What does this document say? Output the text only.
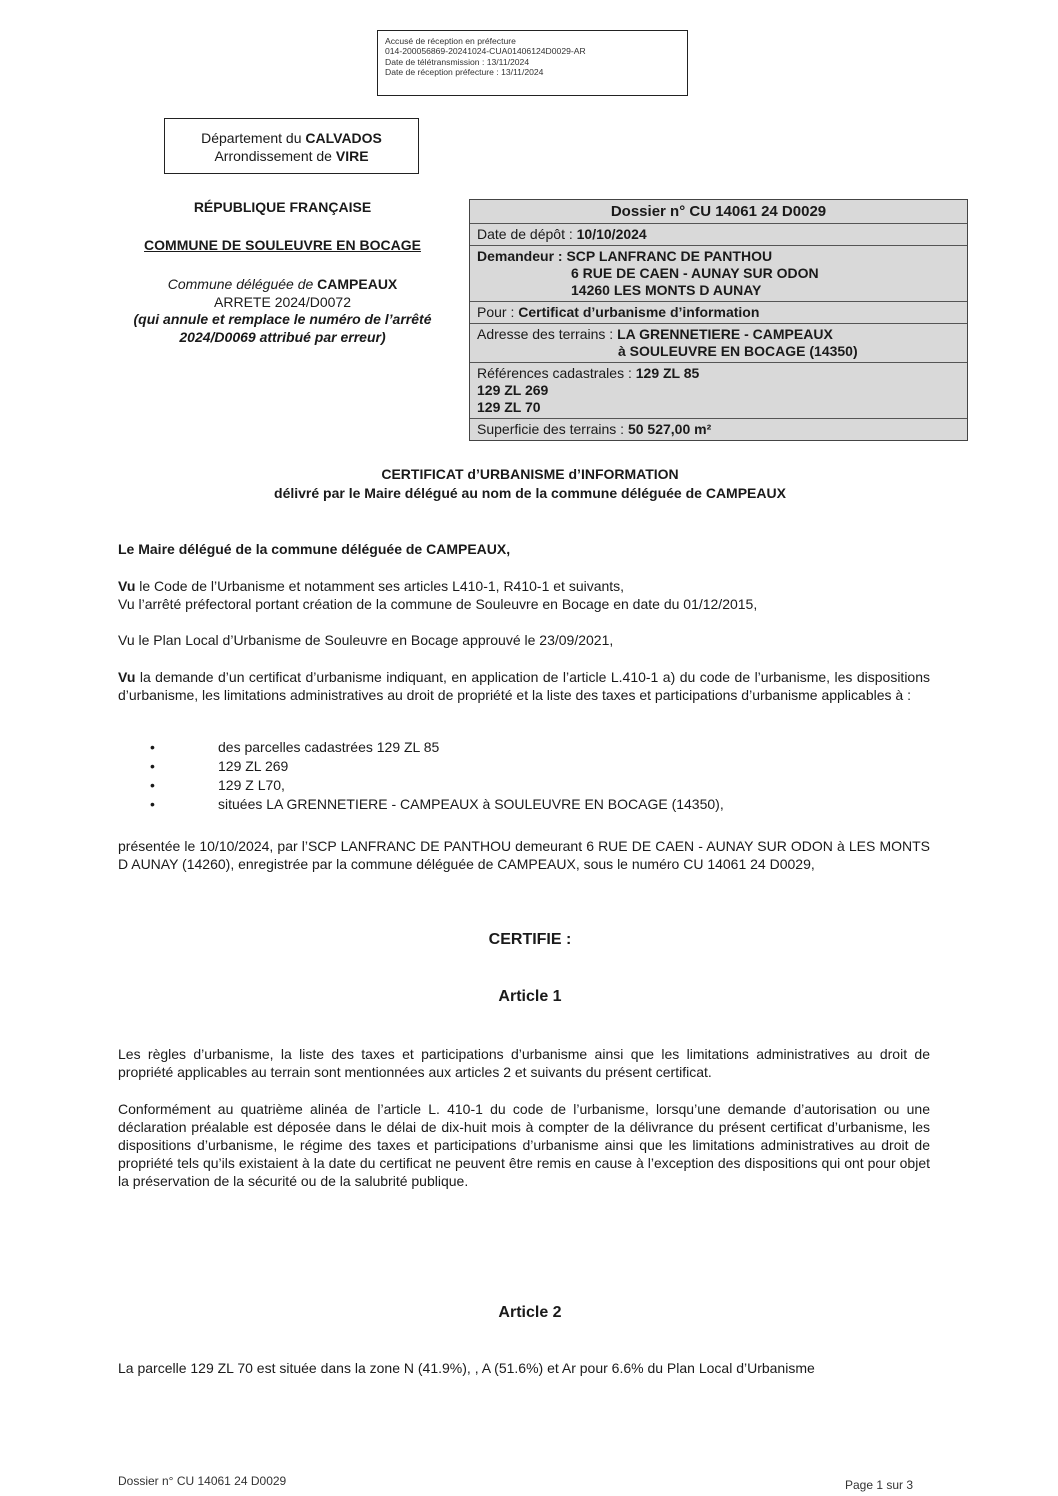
Accusé de réception en préfecture
014-200056869-20241024-CUA01406124D0029-AR
Date de télétransmission : 13/11/2024
Date de réception préfecture : 13/11/2024
Département du CALVADOS
Arrondissement de VIRE
RÉPUBLIQUE FRANÇAISE
COMMUNE DE SOULEUVRE EN BOCAGE
Commune déléguée de CAMPEAUX
ARRETE 2024/D0072
(qui annule et remplace le numéro de l’arrêté
2024/D0069 attribué par erreur)
Dossier n° CU 14061 24 D0029
Date de dépôt : 10/10/2024
Demandeur : SCP LANFRANC DE PANTHOU
6 RUE DE CAEN - AUNAY SUR ODON
14260 LES MONTS D AUNAY
Pour : Certificat d’urbanisme d’information
Adresse des terrains : LA GRENNETIERE - CAMPEAUX
à SOULEUVRE EN BOCAGE (14350)
Références cadastrales : 129 ZL 85
129 ZL 269
129 ZL 70
Superficie des terrains : 50 527,00 m²
CERTIFICAT d’URBANISME d’INFORMATION
délivré par le Maire délégué au nom de la commune déléguée de CAMPEAUX
Le Maire délégué de la commune déléguée de CAMPEAUX,
Vu le Code de l’Urbanisme et notamment ses articles L410-1, R410-1 et suivants,
Vu l’arrêté préfectoral portant création de la commune de Souleuvre en Bocage en date du 01/12/2015,
Vu le Plan Local d’Urbanisme de Souleuvre en Bocage approuvé le 23/09/2021,
Vu la demande d’un certificat d’urbanisme indiquant, en application de l’article L.410-1 a) du code de l’urbanisme, les dispositions d’urbanisme, les limitations administratives au droit de propriété et la liste des taxes et participations d’urbanisme applicables à :
•	des parcelles cadastrées 129 ZL 85
•	129 ZL 269
•	129 Z L70,
•	situées LA GRENNETIERE - CAMPEAUX à SOULEUVRE EN BOCAGE (14350),
présentée le 10/10/2024, par l’SCP LANFRANC DE PANTHOU demeurant 6 RUE DE CAEN - AUNAY SUR ODON à LES MONTS D AUNAY (14260), enregistrée par la commune déléguée de CAMPEAUX, sous le numéro CU 14061 24 D0029,
CERTIFIE :
Article 1
Les règles d’urbanisme, la liste des taxes et participations d’urbanisme ainsi que les limitations administratives au droit de propriété applicables au terrain sont mentionnées aux articles 2 et suivants du présent certificat.
Conformément au quatrième alinéa de l’article L. 410-1 du code de l’urbanisme, lorsqu’une demande d’autorisation ou une déclaration préalable est déposée dans le délai de dix-huit mois à compter de la délivrance du présent certificat d’urbanisme, les dispositions d’urbanisme, le régime des taxes et participations d’urbanisme ainsi que les limitations administratives au droit de propriété tels qu’ils existaient à la date du certificat ne peuvent être remis en cause à l’exception des dispositions qui ont pour objet la préservation de la sécurité ou de la salubrité publique.
Article 2
La parcelle 129 ZL 70 est située dans la zone N (41.9%), , A (51.6%) et Ar pour 6.6% du Plan Local d’Urbanisme
Dossier n° CU 14061 24 D0029	Page 1 sur 3
